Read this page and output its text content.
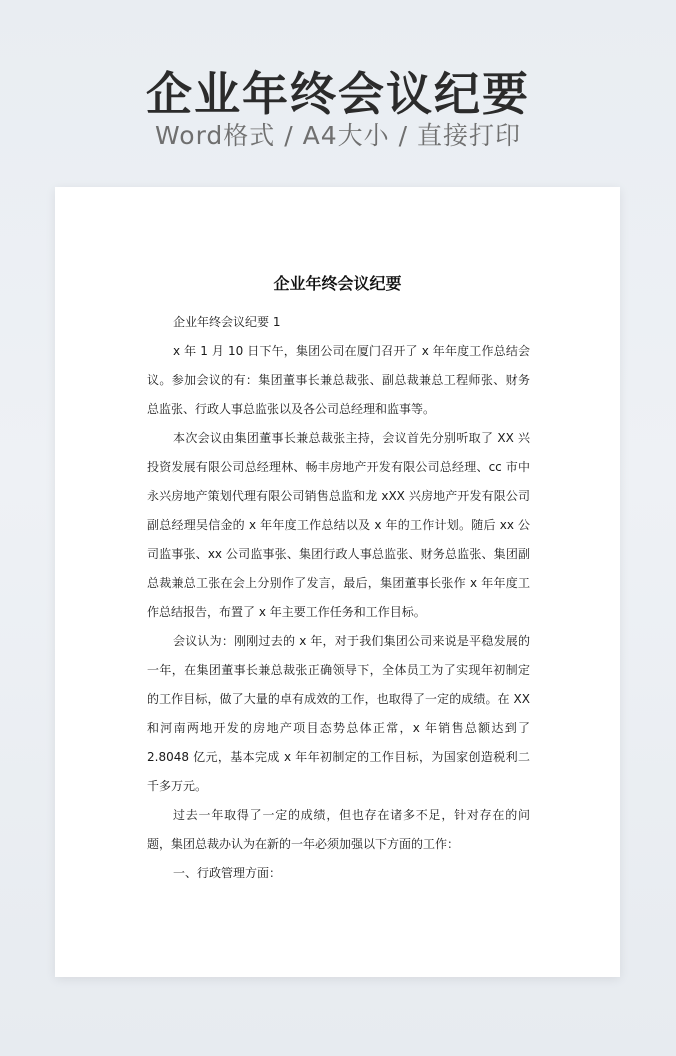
企业年终会议纪要
Word格式 / A4大小 / 直接打印
企业年终会议纪要

企业年终会议纪要 1

x 年 1 月 10 日下午，集团公司在厦门召开了 x 年年度工作总结会议。参加会议的有：集团董事长兼总裁张、副总裁兼总工程师张、财务总监张、行政人事总监张以及各公司总经理和监事等。

本次会议由集团董事长兼总裁张主持，会议首先分别听取了 XX 兴投资发展有限公司总经理林、畅丰房地产开发有限公司总经理、cc 市中永兴房地产策划代理有限公司销售总监和龙 xXX 兴房地产开发有限公司副总经理吴信金的 x 年年度工作总结以及 x 年的工作计划。随后 xx 公司监事张、xx 公司监事张、集团行政人事总监张、财务总监张、集团副总裁兼总工张在会上分别作了发言，最后，集团董事长张作 x 年年度工作总结报告，布置了 x 年主要工作任务和工作目标。

会议认为：刚刚过去的 x 年，对于我们集团公司来说是平稳发展的一年，在集团董事长兼总裁张正确领导下，全体员工为了实现年初制定的工作目标，做了大量的卓有成效的工作，也取得了一定的成绩。在 XX 和河南两地开发的房地产项目态势总体正常，x 年销售总额达到了 2.8048 亿元，基本完成 x 年年初制定的工作目标，为国家创造税利二千多万元。

过去一年取得了一定的成绩，但也存在诸多不足，针对存在的问题，集团总裁办认为在新的一年必须加强以下方面的工作：

一、行政管理方面：
